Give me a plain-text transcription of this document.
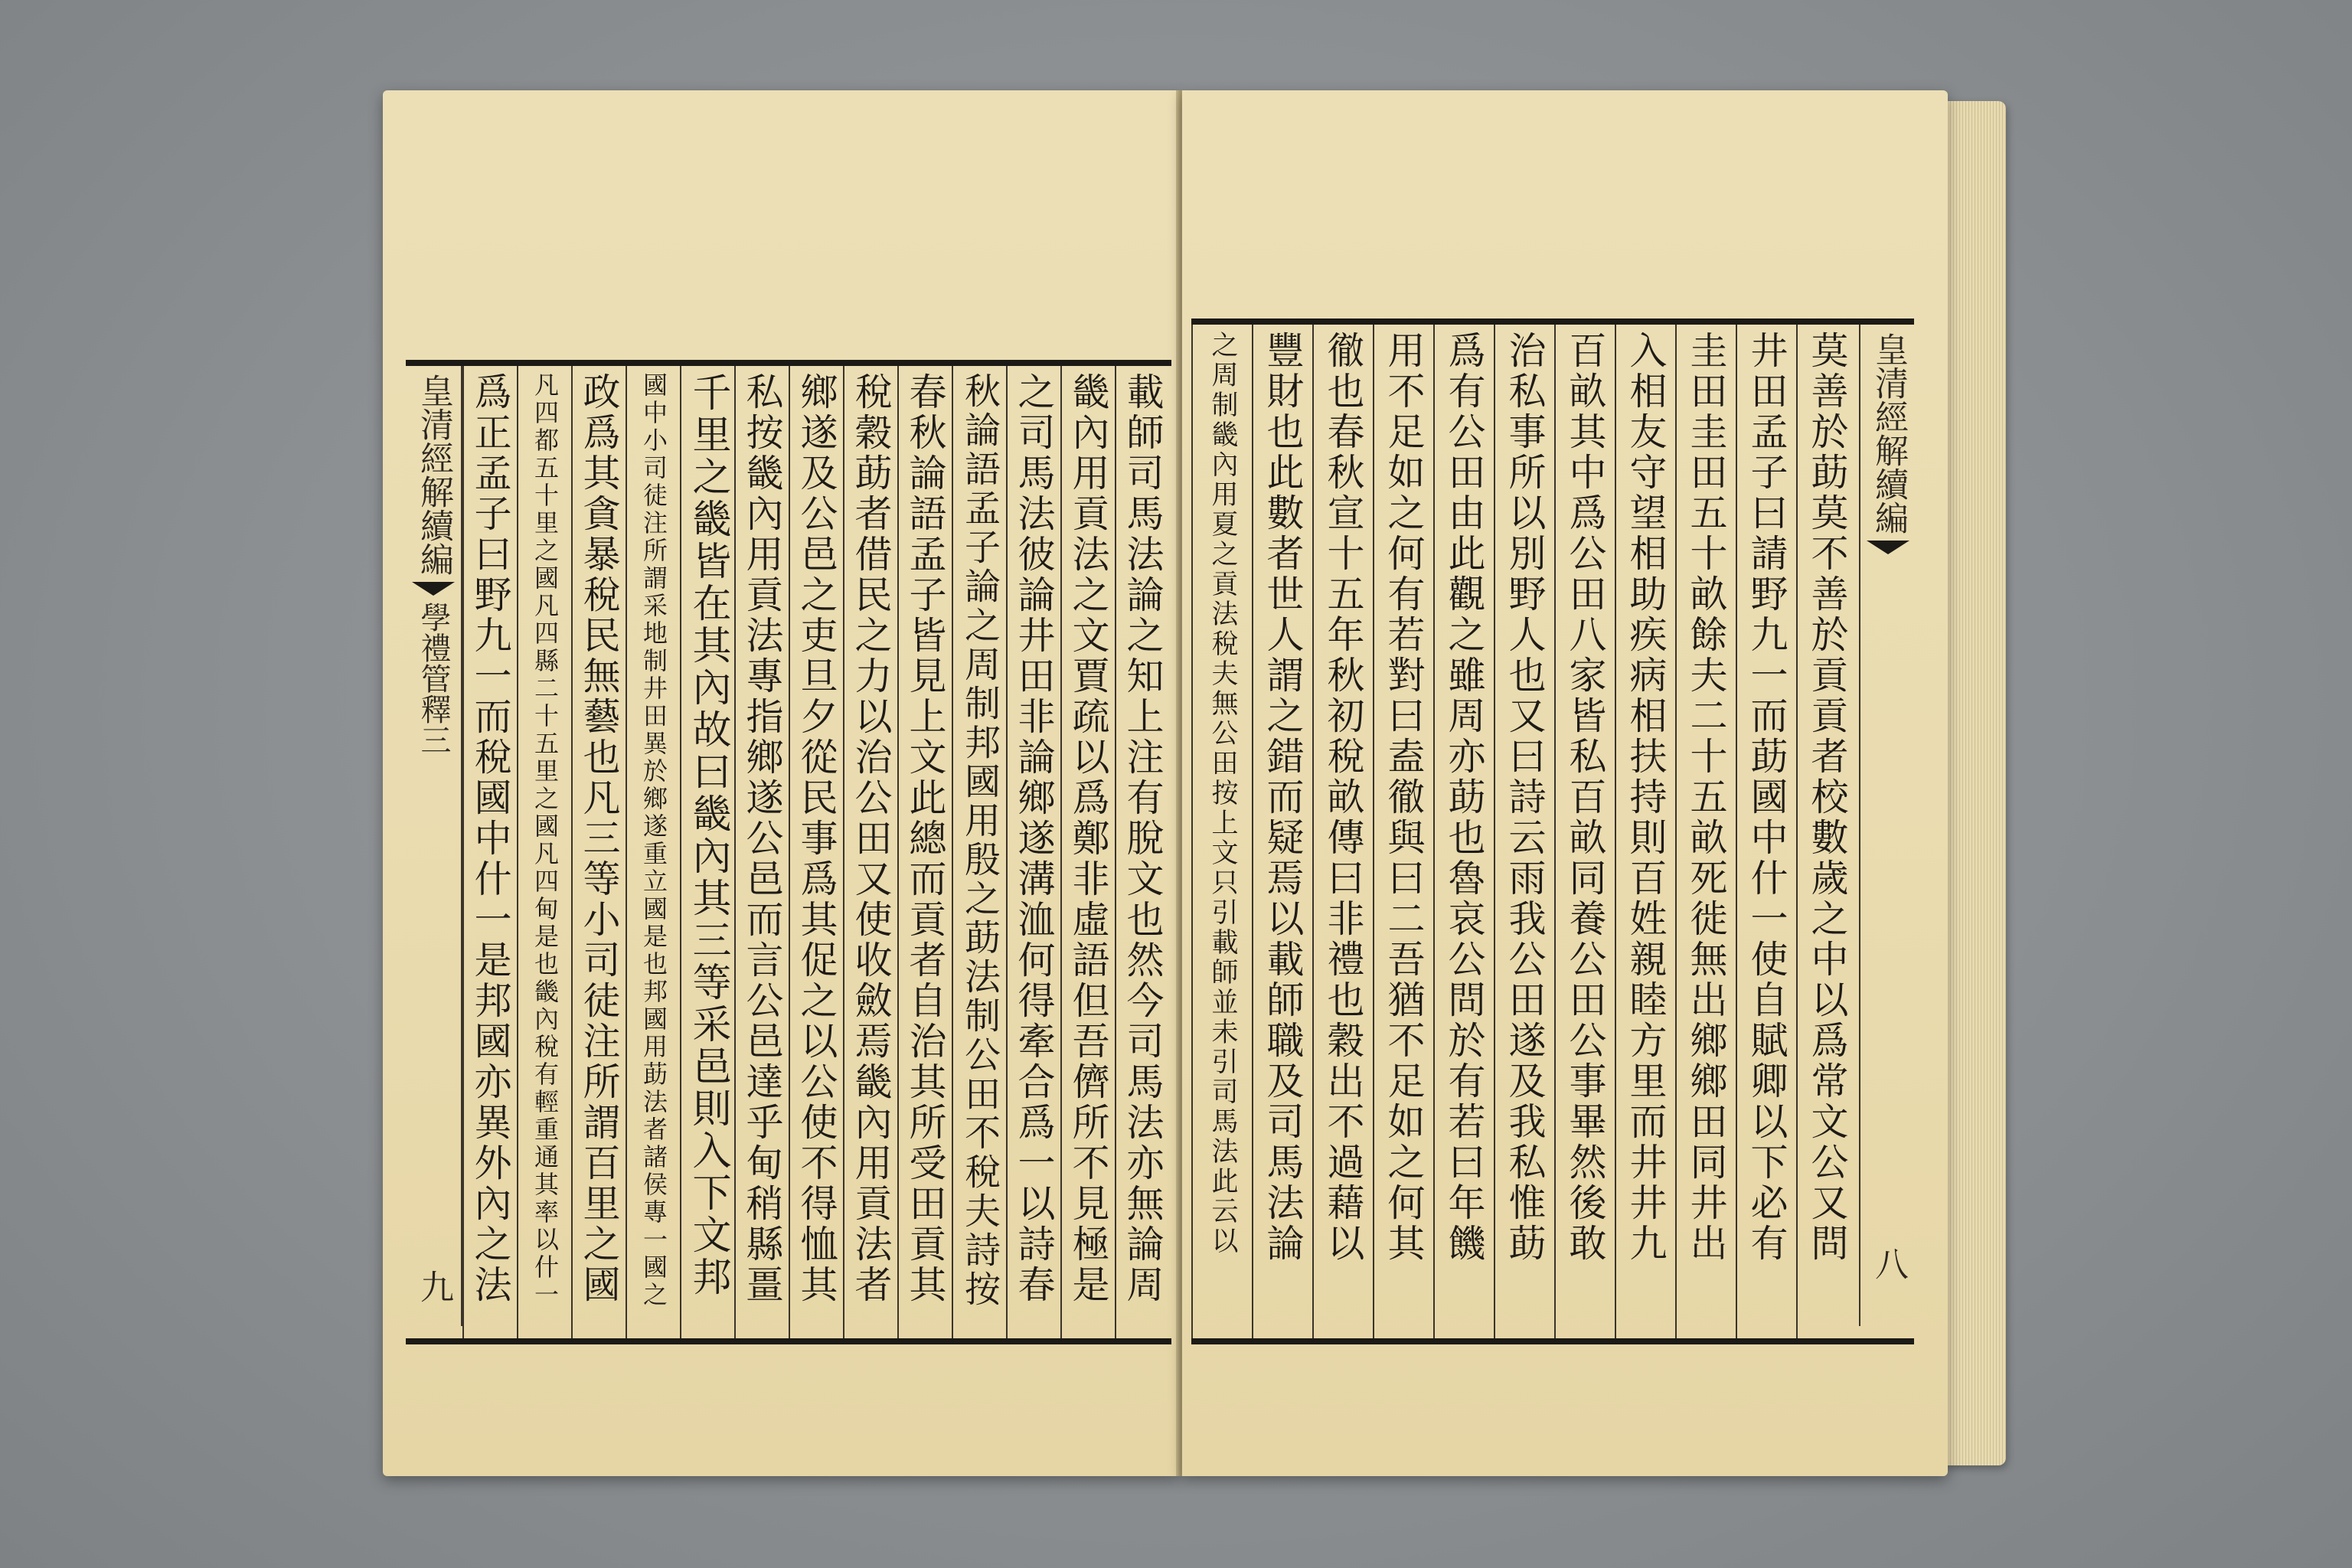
載師司馬法論之知上注有脫文也然今司馬法亦無論周
畿內用貢法之文賈疏以爲鄭非虛語但吾儕所不見極是
之司馬法彼論井田非論鄉遂溝洫何得牽合爲一以詩春
秋論語孟子論之周制邦國用殷之莇法制公田不稅夫詩按
春秋論語孟子皆見上文此總而貢者自治其所受田貢其
稅穀莇者借民之力以治公田又使收斂焉畿內用貢法者
鄉遂及公邑之吏旦夕從民事爲其促之以公使不得恤其
私按畿內用貢法專指鄉遂公邑而言公邑達乎甸稍縣畺
千里之畿皆在其內故曰畿內其三等采邑則入下文邦
國中小司徒注所謂采地制井田異於鄉遂重立國是也邦國用莇法者諸侯專一國之
政爲其貪暴稅民無藝也凡三等小司徒注所謂百里之國
凡四都五十里之國凡四縣二十五里之國凡四甸是也畿內稅有輕重通其率以什一
爲正孟子曰野九一而稅國中什一是邦國亦異外內之法
皇清經解續編
學禮管釋三
九
莫善於莇莫不善於貢貢者校數歲之中以爲常文公又問
井田孟子曰請野九一而莇國中什一使自賦卿以下必有
圭田圭田五十畝餘夫二十五畝死徙無出鄉鄉田同井出
入相友守望相助疾病相扶持則百姓親睦方里而井井九
百畝其中爲公田八家皆私百畝同養公田公事畢然後敢
治私事所以別野人也又曰詩云雨我公田遂及我私惟莇
爲有公田由此觀之雖周亦莇也魯哀公問於有若曰年饑
用不足如之何有若對曰盍徹與曰二吾猶不足如之何其
徹也春秋宣十五年秋初稅畝傳曰非禮也穀出不過藉以
豐財也此數者世人謂之錯而疑焉以載師職及司馬法論
之周制畿內用夏之貢法稅夫無公田按上文只引載師並未引司馬法此云以	皇清經解續編
八
